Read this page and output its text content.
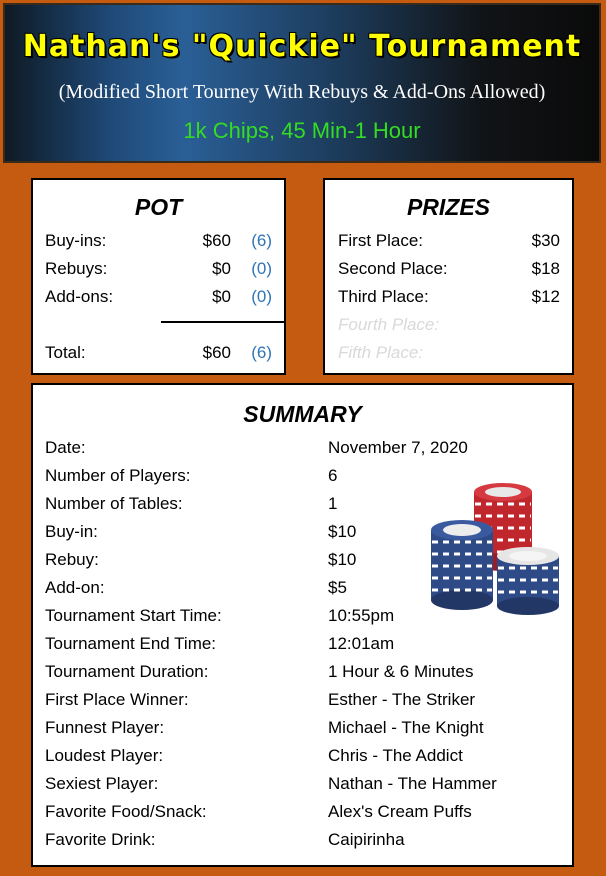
Nathan's "Quickie" Tournament
(Modified Short Tourney With Rebuys & Add-Ons Allowed)
1k Chips, 45 Min-1 Hour
POT
Buy-ins:	$60 (6)
Rebuys:	$0 (0)
Add-ons:	$0 (0)
Total:	$60 (6)
PRIZES
First Place:	$30
Second Place:	$18
Third Place:	$12
Fourth Place:
Fifth Place:
SUMMARY
Date:	November 7, 2020
Number of Players:	6
Number of Tables:	1
Buy-in:	$10
Rebuy:	$10
Add-on:	$5
Tournament Start Time:	10:55pm
Tournament End Time:	12:01am
Tournament Duration:	1 Hour & 6 Minutes
First Place Winner:	Esther - The Striker
Funnest Player:	Michael - The Knight
Loudest Player:	Chris - The Addict
Sexiest Player:	Nathan - The Hammer
Favorite Food/Snack:	Alex's Cream Puffs
Favorite Drink:	Caipirinha
